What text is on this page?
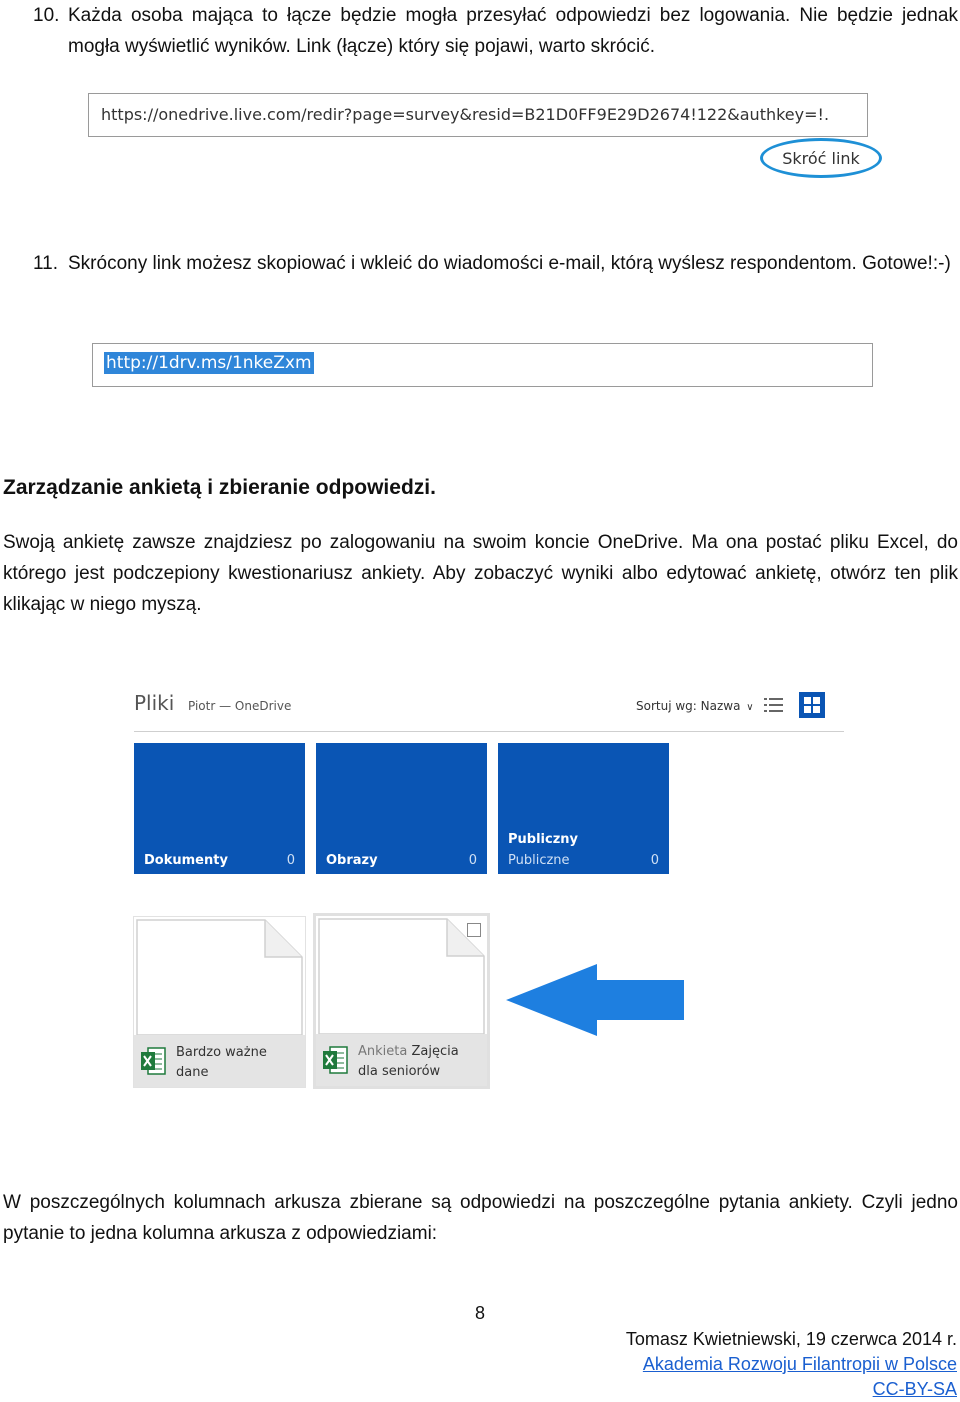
10. Każda osoba mająca to łącze będzie mogła przesyłać odpowiedzi bez logowania. Nie będzie jednak mogła wyświetlić wyników. Link (łącze) który się pojawi, warto skrócić.
https://onedrive.live.com/redir?page=survey&resid=B21D0FF9E29D2674!122&authkey=!.
Skróć link
11. Skrócony link możesz skopiować i wkleić do wiadomości e-mail, którą wyślesz respondentom. Gotowe!:-)
http://1drv.ms/1nkeZxm
Zarządzanie ankietą i zbieranie odpowiedzi.
Swoją ankietę zawsze znajdziesz po zalogowaniu na swoim koncie OneDrive. Ma ona postać pliku Excel, do którego jest podczepiony kwestionariusz ankiety. Aby zobaczyć wyniki albo edytować ankietę, otwórz ten plik klikając w niego myszą.
Pliki Piotr — OneDrive	Sortuj wg: Nazwa ∨
Dokumenty	0 Obrazy	0
Publiczny
Publiczne	0
Bardzo ważne
dane
Ankieta Zajęcia
dla seniorów
W poszczególnych kolumnach arkusza zbierane są odpowiedzi na poszczególne pytania ankiety. Czyli jedno pytanie to jedna kolumna arkusza z odpowiedziami:
8
Tomasz Kwietniewski, 19 czerwca 2014 r.
Akademia Rozwoju Filantropii w Polsce
CC-BY-SA
